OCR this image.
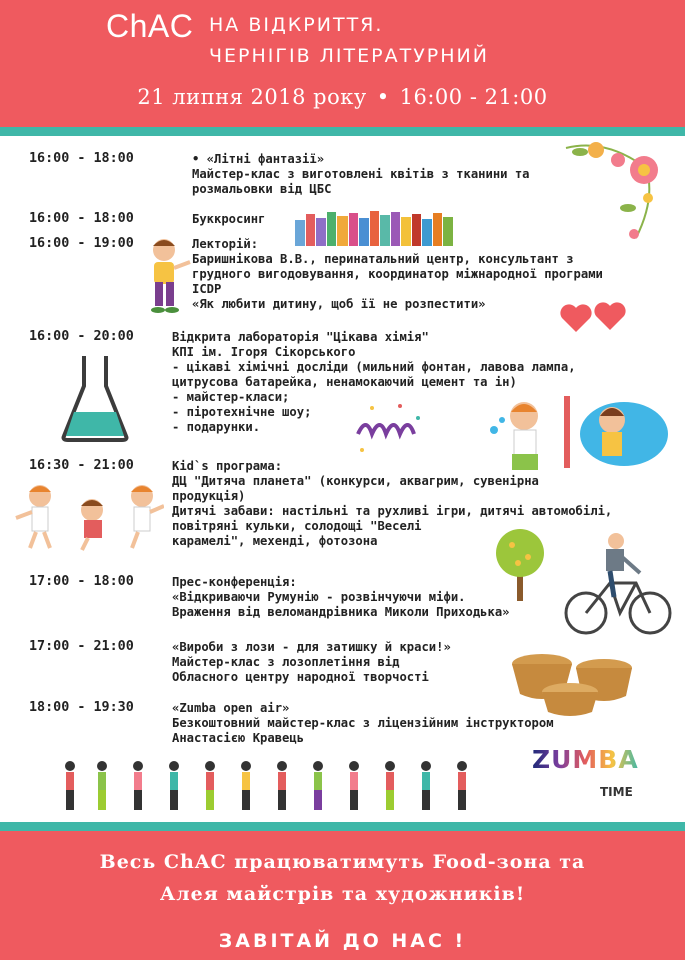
ChAC НА ВІДКРИТТЯ.
ЧЕРНІГІВ ЛІТЕРАТУРНИЙ
21 липня 2018 року • 16:00 - 21:00
16:00 - 18:00	• «Літні фантазії»
Майстер-клас з виготовлені квітів з тканини та
розмальовки від ЦБС
16:00 - 18:00	Буккросинг
16:00 - 19:00	Лекторій:
Баришнікова В.В., перинатальний центр, консультант з
грудного вигодовування, координатор міжнародної програми
ICDP
«Як любити дитину, щоб її не розпестити»
16:00 - 20:00	Відкрита лабораторія "Цікава хімія"
КПІ ім. Ігоря Сікорського
- цікаві хімічні досліди (мильний фонтан, лавова лампа,
цитрусова батарейка, ненамокаючий цемент та ін)
- майстер-класи;
- піротехнічне шоу;
- подарунки.
16:30 - 21:00	Kid`s програма:
ДЦ "Дитяча планета" (конкурси, аквагрим, сувенірна
продукція)
Дитячі забави: настільні та рухливі ігри, дитячі автомобілі,
повітряні кульки, солодощі "Веселі
карамелі", мехенді, фотозона
17:00 - 18:00	Прес-конференція:
«Відкриваючи Румунію - розвінчуючи міфи.
Враження від веломандрівника Миколи Приходька»
17:00 - 21:00	«Вироби з лози - для затишку й краси!»
Майстер-клас з лозоплетіння від
Обласного центру народної творчості
18:00 - 19:30	«Zumba open air»
Безкоштовний майстер-клас з ліцензійним інструктором
Анастасією Кравець
ZUMBA
TIME
Весь ChAC працюватимуть Food-зона та
Алея майстрів та художників!
ЗАВІТАЙ ДО НАС !
